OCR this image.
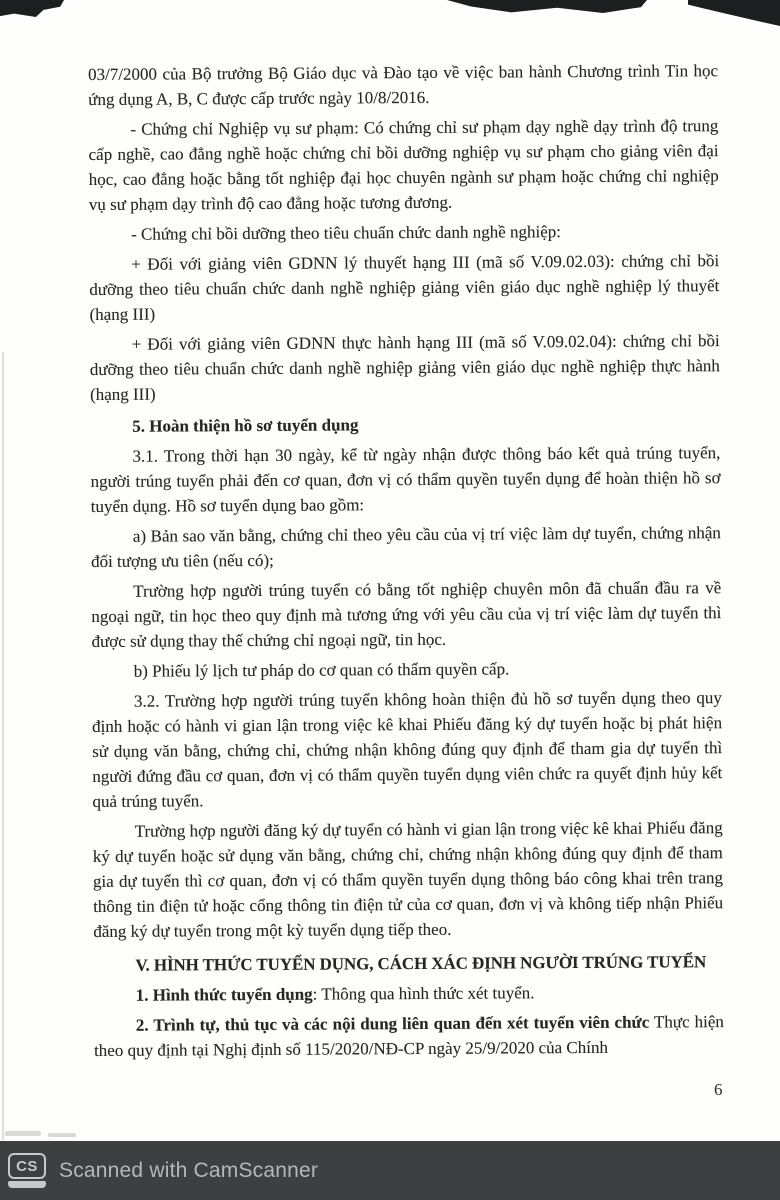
03/7/2000 của Bộ trưởng Bộ Giáo dục và Đào tạo về việc ban hành Chương trình Tin học ứng dụng A, B, C được cấp trước ngày 10/8/2016.

- Chứng chỉ Nghiệp vụ sư phạm: Có chứng chỉ sư phạm dạy nghề dạy trình độ trung cấp nghề, cao đẳng nghề hoặc chứng chỉ bồi dưỡng nghiệp vụ sư phạm cho giảng viên đại học, cao đẳng hoặc bằng tốt nghiệp đại học chuyên ngành sư phạm hoặc chứng chỉ nghiệp vụ sư phạm dạy trình độ cao đẳng hoặc tương đương.

- Chứng chỉ bồi dưỡng theo tiêu chuẩn chức danh nghề nghiệp:

+ Đối với giảng viên GDNN lý thuyết hạng III (mã số V.09.02.03): chứng chỉ bồi dưỡng theo tiêu chuẩn chức danh nghề nghiệp giảng viên giáo dục nghề nghiệp lý thuyết (hạng III)

+ Đối với giảng viên GDNN thực hành hạng III (mã số V.09.02.04): chứng chỉ bồi dưỡng theo tiêu chuẩn chức danh nghề nghiệp giảng viên giáo dục nghề nghiệp thực hành (hạng III)

5. Hoàn thiện hồ sơ tuyển dụng

3.1. Trong thời hạn 30 ngày, kể từ ngày nhận được thông báo kết quả trúng tuyển, người trúng tuyển phải đến cơ quan, đơn vị có thẩm quyền tuyển dụng để hoàn thiện hồ sơ tuyển dụng. Hồ sơ tuyển dụng bao gồm:

a) Bản sao văn bằng, chứng chỉ theo yêu cầu của vị trí việc làm dự tuyển, chứng nhận đối tượng ưu tiên (nếu có);

Trường hợp người trúng tuyển có bằng tốt nghiệp chuyên môn đã chuẩn đầu ra về ngoại ngữ, tin học theo quy định mà tương ứng với yêu cầu của vị trí việc làm dự tuyển thì được sử dụng thay thế chứng chỉ ngoại ngữ, tin học.

b) Phiếu lý lịch tư pháp do cơ quan có thẩm quyền cấp.

3.2. Trường hợp người trúng tuyển không hoàn thiện đủ hồ sơ tuyển dụng theo quy định hoặc có hành vi gian lận trong việc kê khai Phiếu đăng ký dự tuyển hoặc bị phát hiện sử dụng văn bằng, chứng chỉ, chứng nhận không đúng quy định để tham gia dự tuyển thì người đứng đầu cơ quan, đơn vị có thẩm quyền tuyển dụng viên chức ra quyết định hủy kết quả trúng tuyển.

Trường hợp người đăng ký dự tuyển có hành vi gian lận trong việc kê khai Phiếu đăng ký dự tuyển hoặc sử dụng văn bằng, chứng chỉ, chứng nhận không đúng quy định để tham gia dự tuyển thì cơ quan, đơn vị có thẩm quyền tuyển dụng thông báo công khai trên trang thông tin điện tử hoặc cổng thông tin điện tử của cơ quan, đơn vị và không tiếp nhận Phiếu đăng ký dự tuyển trong một kỳ tuyển dụng tiếp theo.

V. HÌNH THỨC TUYỂN DỤNG, CÁCH XÁC ĐỊNH NGƯỜI TRÚNG TUYỂN

1. Hình thức tuyển dụng: Thông qua hình thức xét tuyển.

2. Trình tự, thủ tục và các nội dung liên quan đến xét tuyển viên chức Thực hiện theo quy định tại Nghị định số 115/2020/NĐ-CP ngày 25/9/2020 của Chính

6
CS	Scanned with CamScanner
